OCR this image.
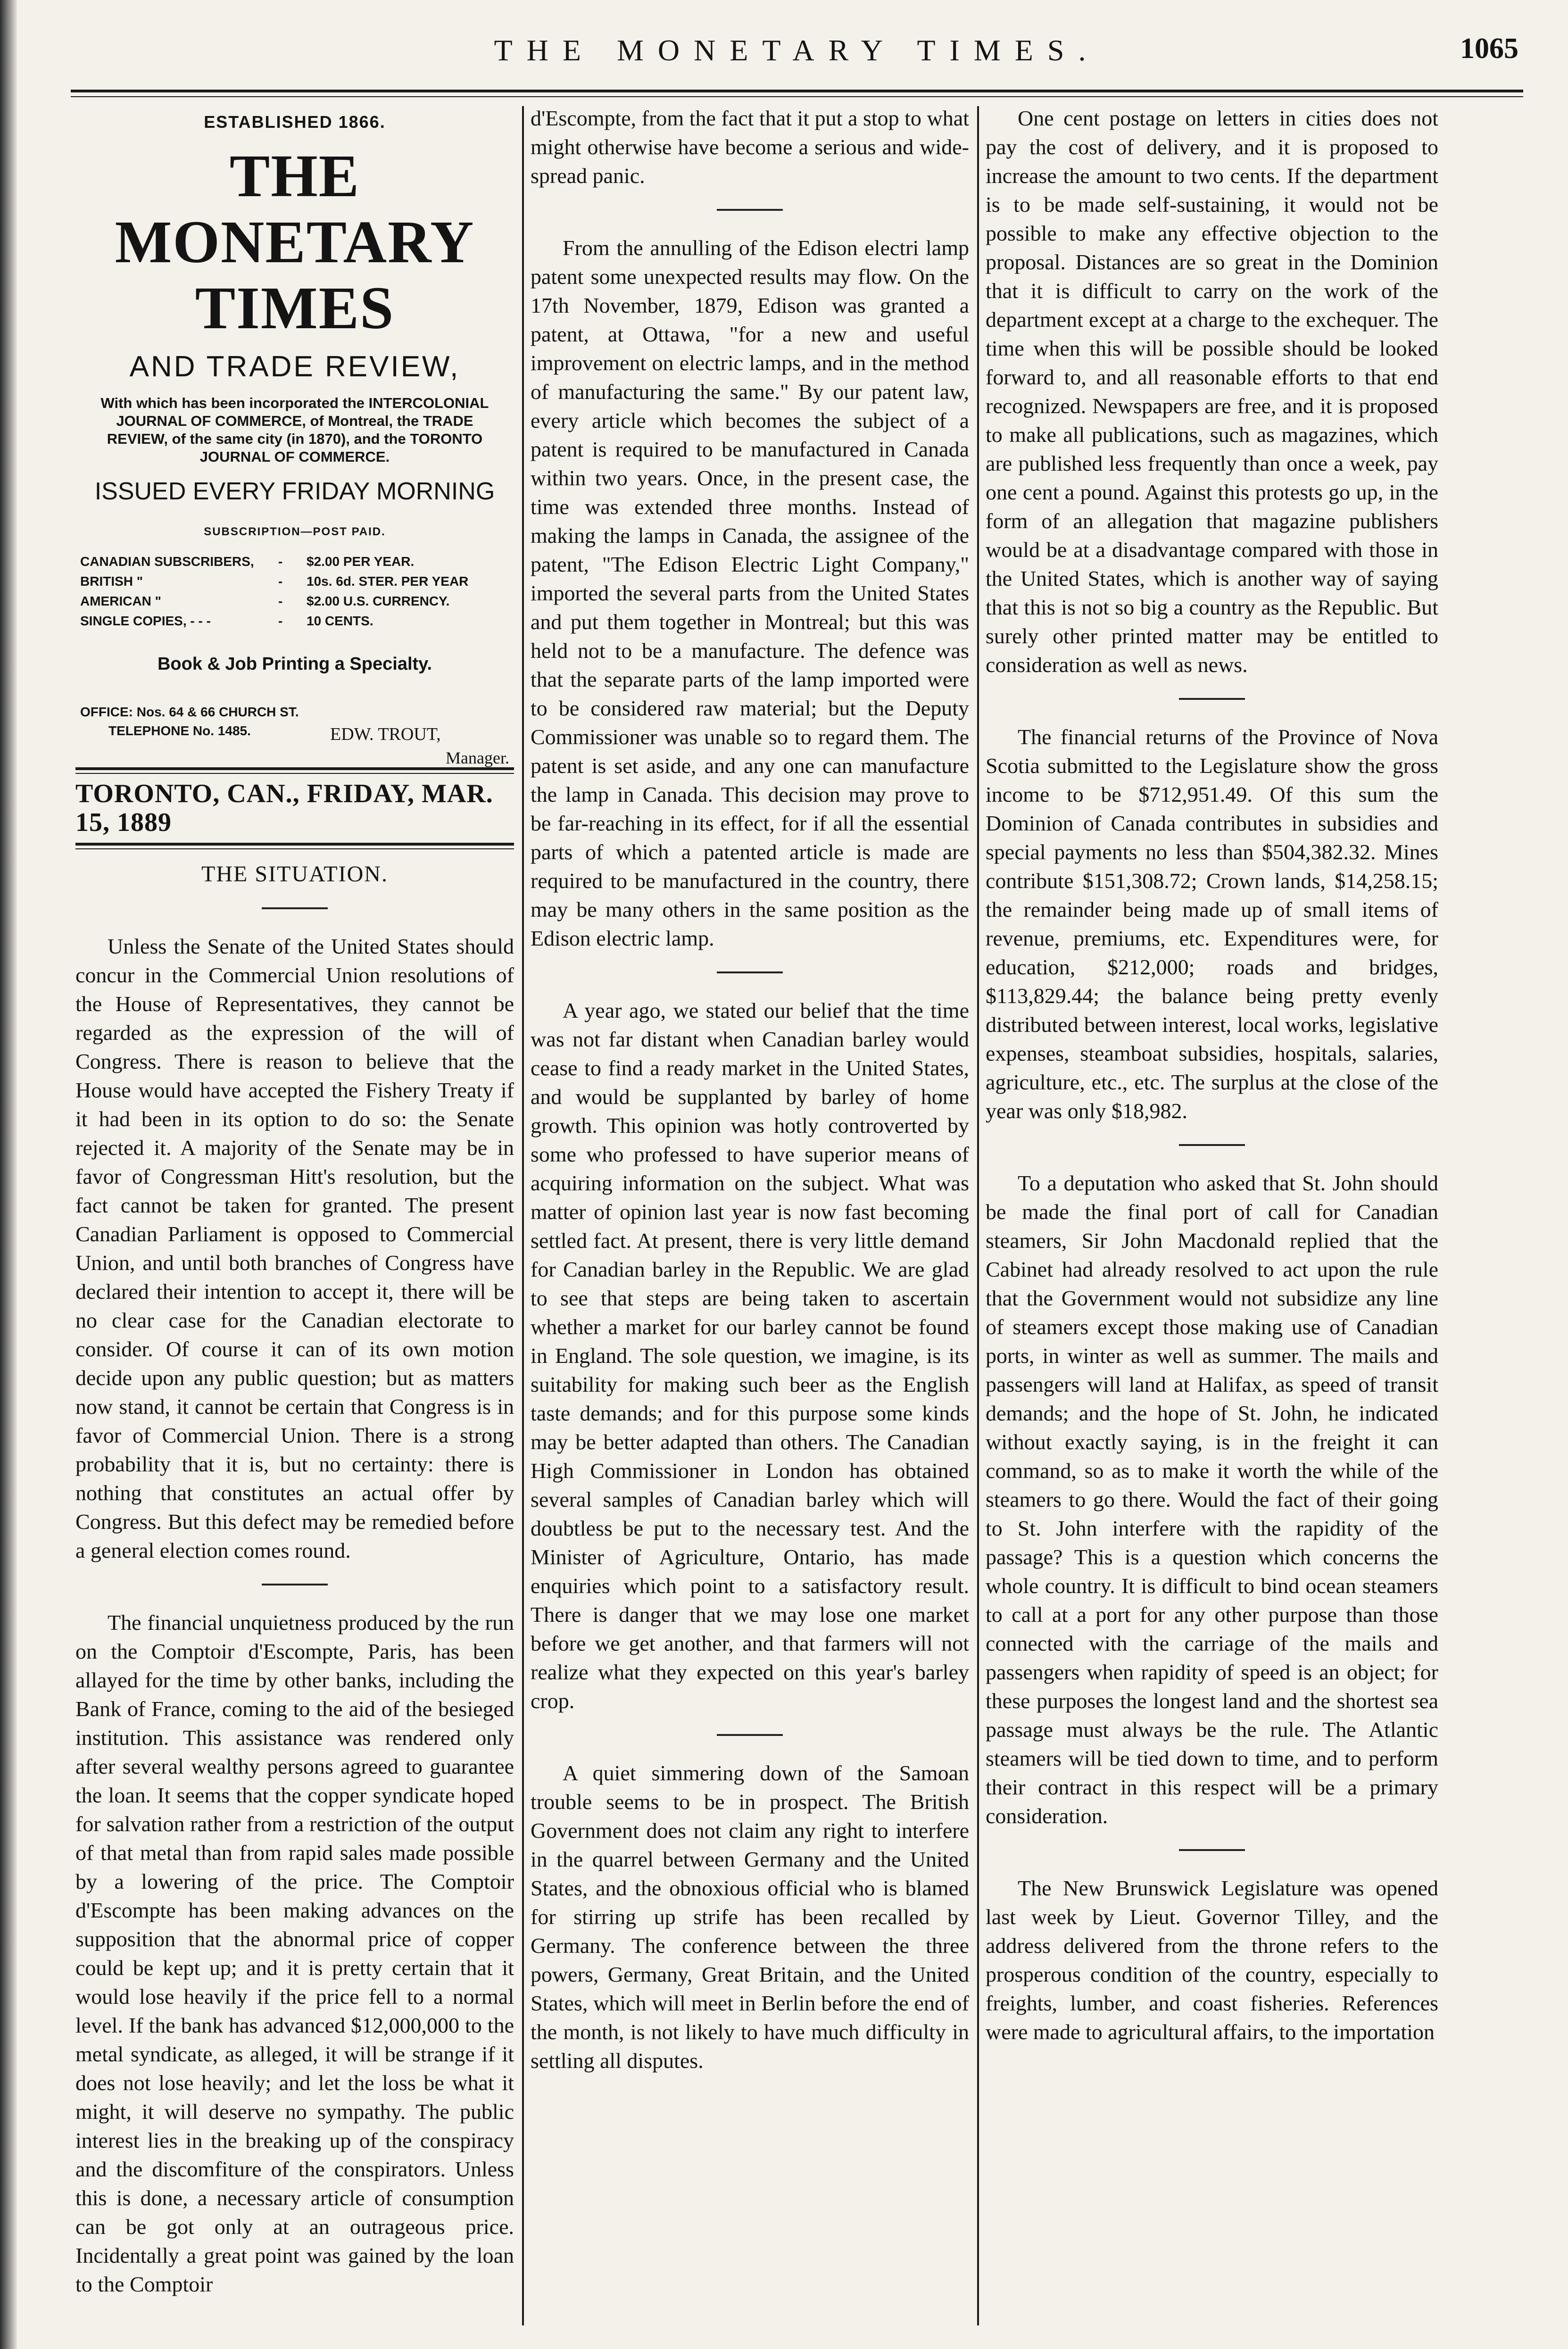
THE MONETARY TIMES.	1065
ESTABLISHED 1866.
THE MONETARY TIMES
AND TRADE REVIEW,
With which has been incorporated the INTERCOLONIAL JOURNAL OF COMMERCE, of Montreal, the TRADE REVIEW, of the same city (in 1870), and the TORONTO JOURNAL OF COMMERCE.
ISSUED EVERY FRIDAY MORNING
SUBSCRIPTION—POST PAID.
CANADIAN SUBSCRIBERS,	-	$2.00 PER YEAR.
BRITISH "	-	10s. 6d. STER. PER YEAR
AMERICAN "	-	$2.00 U.S. CURRENCY.
SINGLE COPIES, - - -	-	10 CENTS.
Book & Job Printing a Specialty.
OFFICE: Nos. 64 & 66 CHURCH ST.
TELEPHONE No. 1485.	EDW. TROUT,
Manager.
TORONTO, CAN., FRIDAY, MAR. 15, 1889
THE SITUATION.

Unless the Senate of the United States should concur in the Commercial Union resolutions of the House of Representatives, they cannot be regarded as the expression of the will of Congress. There is reason to believe that the House would have accepted the Fishery Treaty if it had been in its option to do so: the Senate rejected it. A majority of the Senate may be in favor of Congressman Hitt's resolution, but the fact cannot be taken for granted. The present Canadian Parliament is opposed to Commercial Union, and until both branches of Congress have declared their intention to accept it, there will be no clear case for the Canadian electorate to consider. Of course it can of its own motion decide upon any public question; but as matters now stand, it cannot be certain that Congress is in favor of Commercial Union. There is a strong probability that it is, but no certainty: there is nothing that constitutes an actual offer by Congress. But this defect may be remedied before a general election comes round.

The financial unquietness produced by the run on the Comptoir d'Escompte, Paris, has been allayed for the time by other banks, including the Bank of France, coming to the aid of the besieged institution. This assistance was rendered only after several wealthy persons agreed to guarantee the loan. It seems that the copper syndicate hoped for salvation rather from a restriction of the output of that metal than from rapid sales made possible by a lowering of the price. The Comptoir d'Escompte has been making advances on the supposition that the abnormal price of copper could be kept up; and it is pretty certain that it would lose heavily if the price fell to a normal level. If the bank has advanced $12,000,000 to the metal syndicate, as alleged, it will be strange if it does not lose heavily; and let the loss be what it might, it will deserve no sympathy. The public interest lies in the breaking up of the conspiracy and the discomfiture of the conspirators. Unless this is done, a necessary article of consumption can be got only at an outrageous price. Incidentally a great point was gained by the loan to the Comptoir

d'Escompte, from the fact that it put a stop to what might otherwise have become a serious and wide-spread panic.

From the annulling of the Edison electri lamp patent some unexpected results may flow. On the 17th November, 1879, Edison was granted a patent, at Ottawa, "for a new and useful improvement on electric lamps, and in the method of manufacturing the same." By our patent law, every article which becomes the subject of a patent is required to be manufactured in Canada within two years. Once, in the present case, the time was extended three months. Instead of making the lamps in Canada, the assignee of the patent, "The Edison Electric Light Company," imported the several parts from the United States and put them together in Montreal; but this was held not to be a manufacture. The defence was that the separate parts of the lamp imported were to be considered raw material; but the Deputy Commissioner was unable so to regard them. The patent is set aside, and any one can manufacture the lamp in Canada. This decision may prove to be far-reaching in its effect, for if all the essential parts of which a patented article is made are required to be manufactured in the country, there may be many others in the same position as the Edison electric lamp.

A year ago, we stated our belief that the time was not far distant when Canadian barley would cease to find a ready market in the United States, and would be supplanted by barley of home growth. This opinion was hotly controverted by some who professed to have superior means of acquiring information on the subject. What was matter of opinion last year is now fast becoming settled fact. At present, there is very little demand for Canadian barley in the Republic. We are glad to see that steps are being taken to ascertain whether a market for our barley cannot be found in England. The sole question, we imagine, is its suitability for making such beer as the English taste demands; and for this purpose some kinds may be better adapted than others. The Canadian High Commissioner in London has obtained several samples of Canadian barley which will doubtless be put to the necessary test. And the Minister of Agriculture, Ontario, has made enquiries which point to a satisfactory result. There is danger that we may lose one market before we get another, and that farmers will not realize what they expected on this year's barley crop.

A quiet simmering down of the Samoan trouble seems to be in prospect. The British Government does not claim any right to interfere in the quarrel between Germany and the United States, and the obnoxious official who is blamed for stirring up strife has been recalled by Germany. The conference between the three powers, Germany, Great Britain, and the United States, which will meet in Berlin before the end of the month, is not likely to have much difficulty in settling all disputes.

One cent postage on letters in cities does not pay the cost of delivery, and it is proposed to increase the amount to two cents. If the department is to be made self-sustaining, it would not be possible to make any effective objection to the proposal. Distances are so great in the Dominion that it is difficult to carry on the work of the department except at a charge to the exchequer. The time when this will be possible should be looked forward to, and all reasonable efforts to that end recognized. Newspapers are free, and it is proposed to make all publications, such as magazines, which are published less frequently than once a week, pay one cent a pound. Against this protests go up, in the form of an allegation that magazine publishers would be at a disadvantage compared with those in the United States, which is another way of saying that this is not so big a country as the Republic. But surely other printed matter may be entitled to consideration as well as news.

The financial returns of the Province of Nova Scotia submitted to the Legislature show the gross income to be $712,951.49. Of this sum the Dominion of Canada contributes in subsidies and special payments no less than $504,382.32. Mines contribute $151,308.72; Crown lands, $14,258.15; the remainder being made up of small items of revenue, premiums, etc. Expenditures were, for education, $212,000; roads and bridges, $113,829.44; the balance being pretty evenly distributed between interest, local works, legislative expenses, steamboat subsidies, hospitals, salaries, agriculture, etc., etc. The surplus at the close of the year was only $18,982.

To a deputation who asked that St. John should be made the final port of call for Canadian steamers, Sir John Macdonald replied that the Cabinet had already resolved to act upon the rule that the Government would not subsidize any line of steamers except those making use of Canadian ports, in winter as well as summer. The mails and passengers will land at Halifax, as speed of transit demands; and the hope of St. John, he indicated without exactly saying, is in the freight it can command, so as to make it worth the while of the steamers to go there. Would the fact of their going to St. John interfere with the rapidity of the passage? This is a question which concerns the whole country. It is difficult to bind ocean steamers to call at a port for any other purpose than those connected with the carriage of the mails and passengers when rapidity of speed is an object; for these purposes the longest land and the shortest sea passage must always be the rule. The Atlantic steamers will be tied down to time, and to perform their contract in this respect will be a primary consideration.

The New Brunswick Legislature was opened last week by Lieut. Governor Tilley, and the address delivered from the throne refers to the prosperous condition of the country, especially to freights, lumber, and coast fisheries. References were made to agricultural affairs, to the importation
